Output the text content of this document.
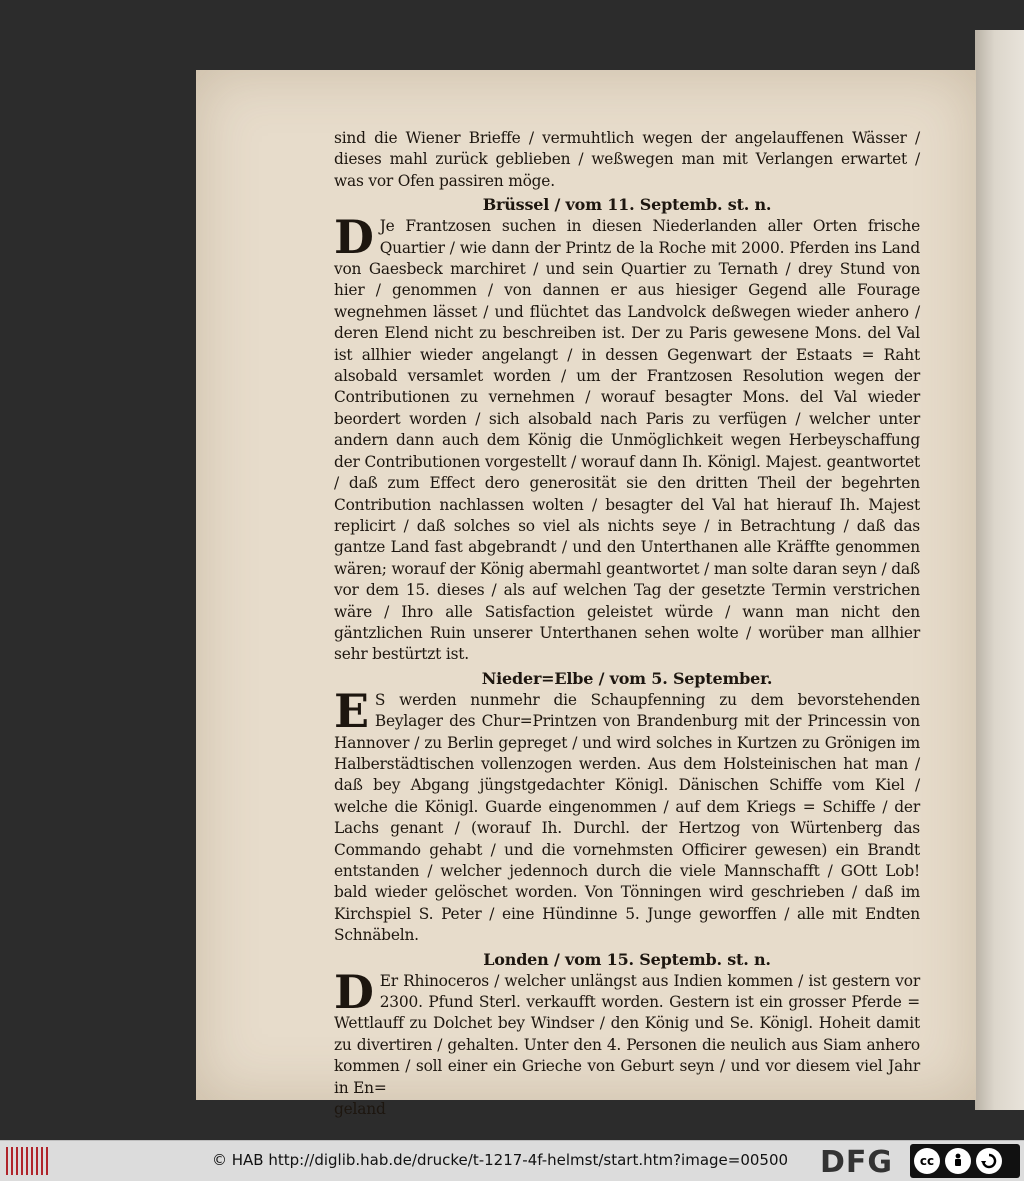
sind die Wiener Brieffe / vermuhtlich wegen der angelauffenen Wässer / dieses mahl zurück geblieben / weßwegen man mit Verlangen erwartet / was vor Ofen passiren möge.

Brüssel / vom 11. Septemb. st. n.

D Je Frantzosen suchen in diesen Niederlanden aller Orten frische Quartier / wie dann der Printz de la Roche mit 2000. Pferden ins Land von Gaesbeck marchiret / und sein Quartier zu Ternath / drey Stund von hier / genommen / von dannen er aus hiesiger Gegend alle Fourage wegnehmen lässet / und flüchtet das Landvolck deßwegen wieder anhero / deren Elend nicht zu beschreiben ist. Der zu Paris gewesene Mons. del Val ist allhier wieder angelangt / in dessen Gegenwart der Estaats = Raht alsobald versamlet worden / um der Frantzosen Resolution wegen der Contributionen zu vernehmen / worauf besagter Mons. del Val wieder beordert worden / sich alsobald nach Paris zu verfügen / welcher unter andern dann auch dem König die Unmöglichkeit wegen Herbeyschaffung der Contributionen vorgestellt / worauf dann Ih. Königl. Majest. geantwortet / daß zum Effect dero generosität sie den dritten Theil der begehrten Contribution nachlassen wolten / besagter del Val hat hierauf Ih. Majest replicirt / daß solches so viel als nichts seye / in Betrachtung / daß das gantze Land fast abgebrandt / und den Unterthanen alle Kräffte genommen wären; worauf der König abermahl geantwortet / man solte daran seyn / daß vor dem 15. dieses / als auf welchen Tag der gesetzte Termin verstrichen wäre / Ihro alle Satisfaction geleistet würde / wann man nicht den gäntzlichen Ruin unserer Unterthanen sehen wolte / worüber man allhier sehr bestürtzt ist.

Nieder=Elbe / vom 5. September.

E S werden nunmehr die Schaupfenning zu dem bevorstehenden Beylager des Chur=Printzen von Brandenburg mit der Princessin von Hannover / zu Berlin gepreget / und wird solches in Kurtzen zu Grönigen im Halberstädtischen vollenzogen werden. Aus dem Holsteinischen hat man / daß bey Abgang jüngstgedachter Königl. Dänischen Schiffe vom Kiel / welche die Königl. Guarde eingenommen / auf dem Kriegs = Schiffe / der Lachs genant / (worauf Ih. Durchl. der Hertzog von Würtenberg das Commando gehabt / und die vornehmsten Officirer gewesen) ein Brandt entstanden / welcher jedennoch durch die viele Mannschafft / GOtt Lob! bald wieder gelöschet worden. Von Tönningen wird geschrieben / daß im Kirchspiel S. Peter / eine Hündinne 5. Junge geworffen / alle mit Endten Schnäbeln.

Londen / vom 15. Septemb. st. n.

D Er Rhinoceros / welcher unlängst aus Indien kommen / ist gestern vor 2300. Pfund Sterl. verkaufft worden. Gestern ist ein grosser Pferde = Wettlauff zu Dolchet bey Windser / den König und Se. Königl. Hoheit damit zu divertiren / gehalten. Unter den 4. Personen die neulich aus Siam anhero kommen / soll einer ein Grieche von Geburt seyn / und vor diesem viel Jahr in En=

geland

© HAB http://diglib.hab.de/drucke/t-1217-4f-helmst/start.htm?image=00500 DFG	cc
